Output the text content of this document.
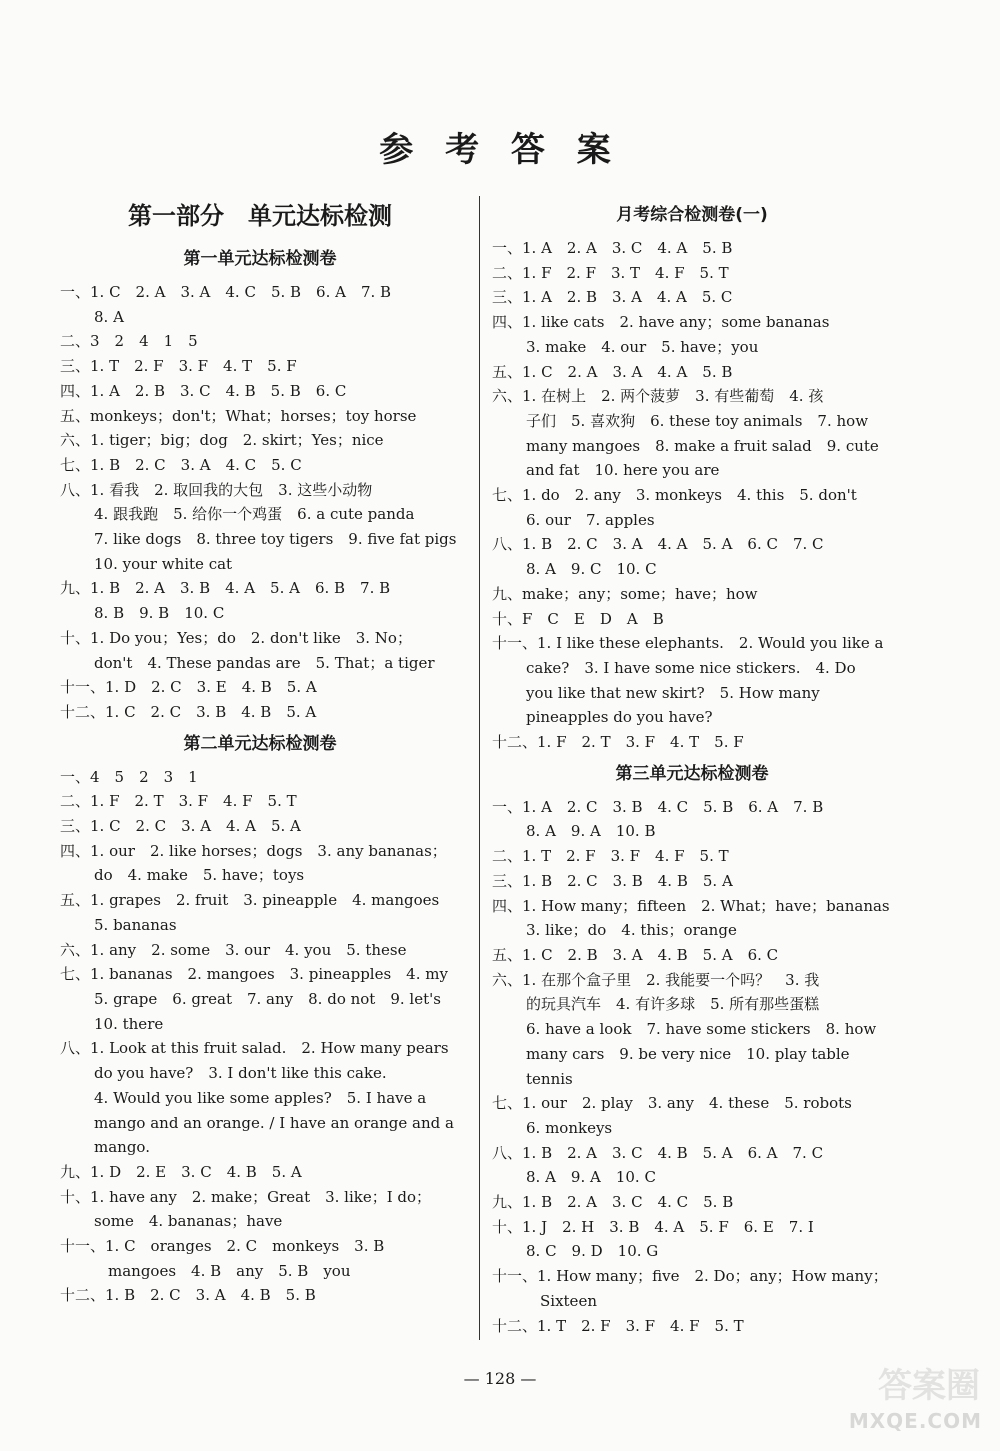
参 考 答 案
第一部分　单元达标检测
第一单元达标检测卷
一、1. C　2. A　3. A　4. C　5. B　6. A　7. B
8. A
二、3　2　4　1　5
三、1. T　2. F　3. F　4. T　5. F
四、1. A　2. B　3. C　4. B　5. B　6. C
五、monkeys；don't；What；horses；toy horse
六、1. tiger；big；dog　2. skirt；Yes；nice
七、1. B　2. C　3. A　4. C　5. C
八、1. 看我　2. 取回我的大包　3. 这些小动物
4. 跟我跑　5. 给你一个鸡蛋　6. a cute panda
7. like dogs　8. three toy tigers　9. five fat pigs
10. your white cat
九、1. B　2. A　3. B　4. A　5. A　6. B　7. B
8. B　9. B　10. C
十、1. Do you；Yes；do　2. don't like　3. No；
don't　4. These pandas are　5. That；a tiger
十一、1. D　2. C　3. E　4. B　5. A
十二、1. C　2. C　3. B　4. B　5. A
第二单元达标检测卷
一、4　5　2　3　1
二、1. F　2. T　3. F　4. F　5. T
三、1. C　2. C　3. A　4. A　5. A
四、1. our　2. like horses；dogs　3. any bananas；
do　4. make　5. have；toys
五、1. grapes　2. fruit　3. pineapple　4. mangoes
5. bananas
六、1. any　2. some　3. our　4. you　5. these
七、1. bananas　2. mangoes　3. pineapples　4. my
5. grape　6. great　7. any　8. do not　9. let's
10. there
八、1. Look at this fruit salad.　2. How many pears
do you have?　3. I don't like this cake.
4. Would you like some apples?　5. I have a
mango and an orange. / I have an orange and a
mango.
九、1. D　2. E　3. C　4. B　5. A
十、1. have any　2. make；Great　3. like；I do；
some　4. bananas；have
十一、1. C　oranges　2. C　monkeys　3. B
mangoes　4. B　any　5. B　you
十二、1. B　2. C　3. A　4. B　5. B
月考综合检测卷(一)
一、1. A　2. A　3. C　4. A　5. B
二、1. F　2. F　3. T　4. F　5. T
三、1. A　2. B　3. A　4. A　5. C
四、1. like cats　2. have any；some bananas
3. make　4. our　5. have；you
五、1. C　2. A　3. A　4. A　5. B
六、1. 在树上　2. 两个菠萝　3. 有些葡萄　4. 孩
子们　5. 喜欢狗　6. these toy animals　7. how
many mangoes　8. make a fruit salad　9. cute
and fat　10. here you are
七、1. do　2. any　3. monkeys　4. this　5. don't
6. our　7. apples
八、1. B　2. C　3. A　4. A　5. A　6. C　7. C
8. A　9. C　10. C
九、make；any；some；have；how
十、F　C　E　D　A　B
十一、1. I like these elephants.　2. Would you like a
cake?　3. I have some nice stickers.　4. Do
you like that new skirt?　5. How many
pineapples do you have?
十二、1. F　2. T　3. F　4. T　5. F
第三单元达标检测卷
一、1. A　2. C　3. B　4. C　5. B　6. A　7. B
8. A　9. A　10. B
二、1. T　2. F　3. F　4. F　5. T
三、1. B　2. C　3. B　4. B　5. A
四、1. How many；fifteen　2. What；have；bananas
3. like；do　4. this；orange
五、1. C　2. B　3. A　4. B　5. A　6. C
六、1. 在那个盒子里　2. 我能要一个吗？　3. 我
的玩具汽车　4. 有许多球　5. 所有那些蛋糕
6. have a look　7. have some stickers　8. how
many cars　9. be very nice　10. play table
tennis
七、1. our　2. play　3. any　4. these　5. robots
6. monkeys
八、1. B　2. A　3. C　4. B　5. A　6. A　7. C
8. A　9. A　10. C
九、1. B　2. A　3. C　4. C　5. B
十、1. J　2. H　3. B　4. A　5. F　6. E　7. I
8. C　9. D　10. G
十一、1. How many；five　2. Do；any；How many；
Sixteen
十二、1. T　2. F　3. F　4. F　5. T
— 128 —	答案圈
MXQE.COM
